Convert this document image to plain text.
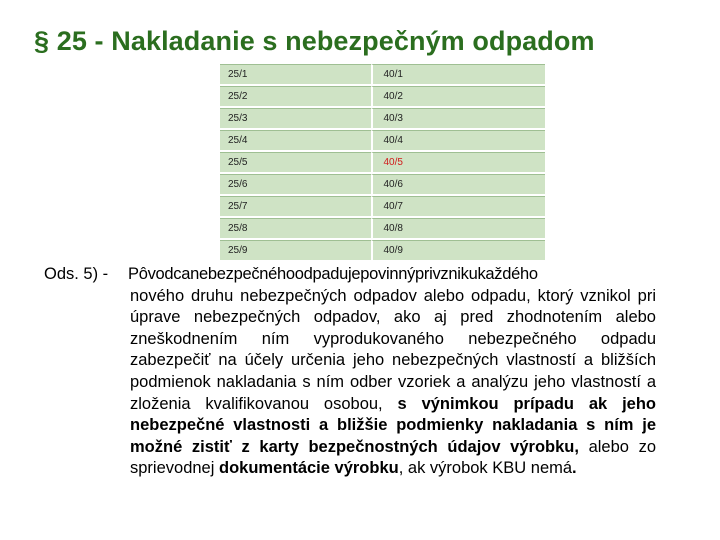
§ 25 - Nakladanie s nebezpečným odpadom
25/1	40/1
25/2	40/2
25/3	40/3
25/4	40/4
25/5	40/5
25/6	40/6
25/7	40/7
25/8	40/8
25/9	40/9
Ods. 5) - Pôvodcanebezpečnéhoodpadujepovinnýprivznikukaždého
nového druhu nebezpečných odpadov alebo odpadu, ktorý vznikol pri úprave nebezpečných odpadov, ako aj pred zhodnotením alebo zneškodnením ním vyprodukovaného nebezpečného odpadu zabezpečiť na účely určenia jeho nebezpečných vlastností a bližších podmienok nakladania s ním odber vzoriek a analýzu jeho vlastností a zloženia kvalifikovanou osobou, s výnimkou prípadu ak jeho nebezpečné vlastnosti a bližšie podmienky nakladania s ním je možné zistiť z karty bezpečnostných údajov výrobku, alebo zo sprievodnej dokumentácie výrobku, ak výrobok KBU nemá.
